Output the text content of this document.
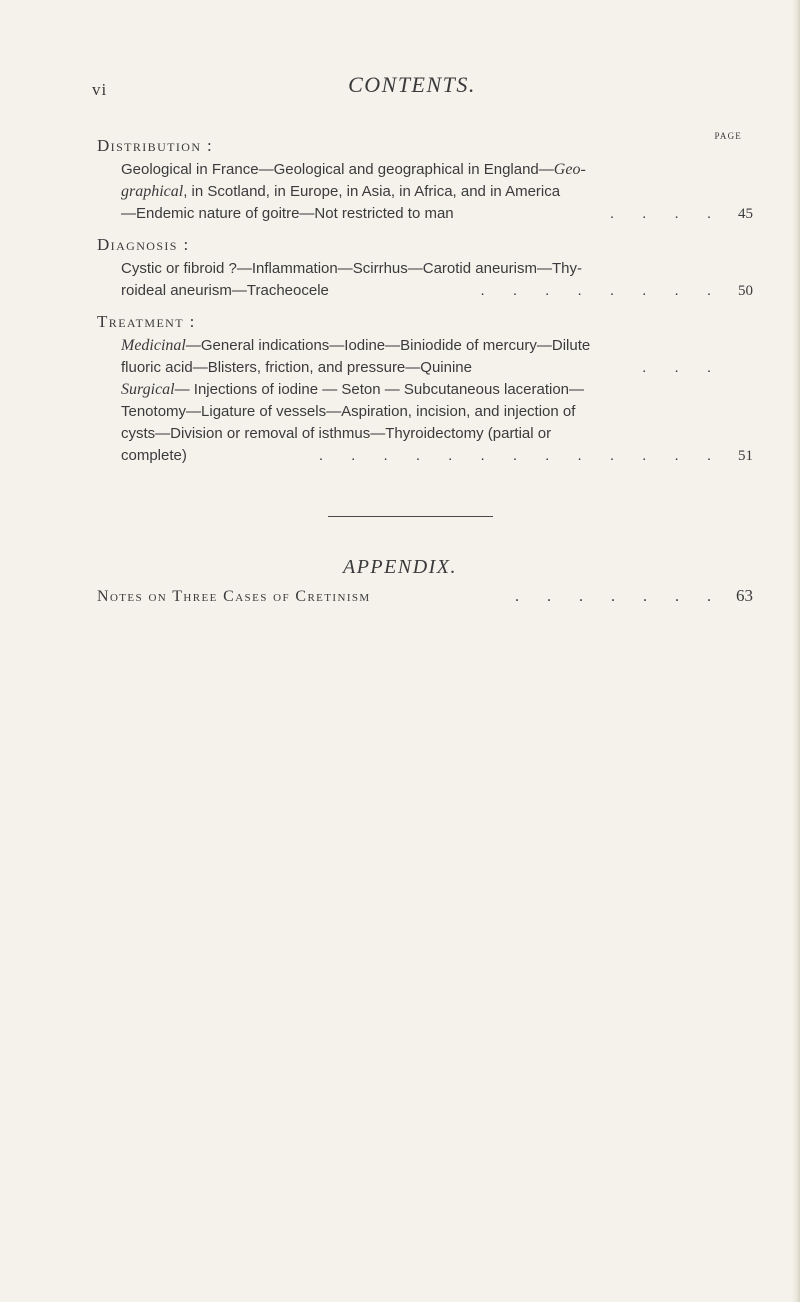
vi	CONTENTS.
PAGE
Distribution :
Geological in France—Geological and geographical in England—Geo-
graphical, in Scotland, in Europe, in Asia, in Africa, and in America
—Endemic nature of goitre—Not restricted to man	. . . .	45
Diagnosis :
Cystic or fibroid ?—Inflammation—Scirrhus—Carotid aneurism—Thy-
roideal aneurism—Tracheocele	. . . . . . . .	50
Treatment :
Medicinal—General indications—Iodine—Biniodide of mercury—Dilute
fluoric acid—Blisters, friction, and pressure—Quinine	. . .
Surgical— Injections of iodine — Seton — Subcutaneous laceration—
Tenotomy—Ligature of vessels—Aspiration, incision, and injection of
cysts—Division or removal of isthmus—Thyroidectomy (partial or
complete)	. . . . . . . . . . . . .	51
APPENDIX.
Notes on Three Cases of Cretinism	. . . . . . . 63
